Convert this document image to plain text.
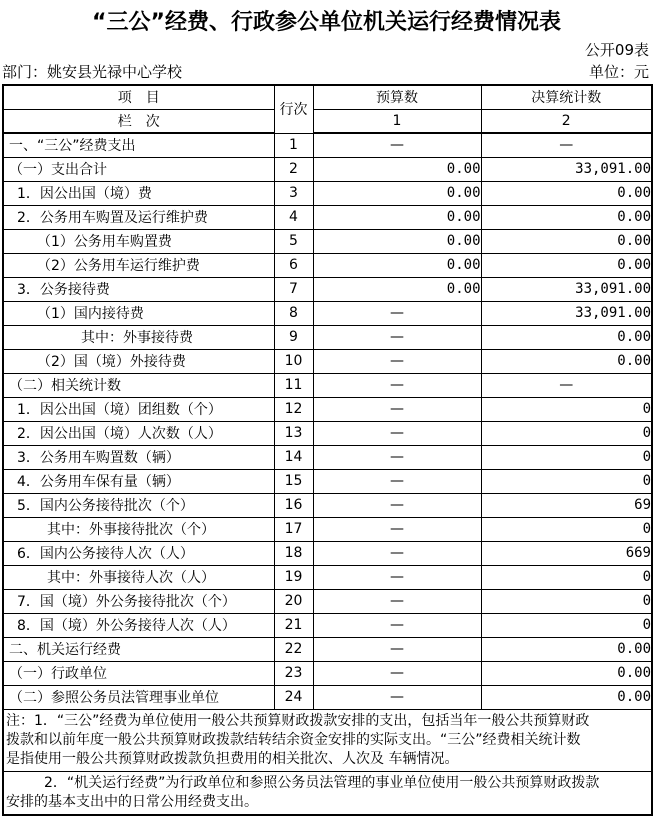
“三公”经费、行政参公单位机关运行经费情况表
公开09表
部门：姚安县光禄中心学校	单位：元
项　目	行次	预算数	决算统计数
栏　次		1	2
一、“三公”经费支出	1	—	—
（一）支出合计	2	0.00	33,091.00
1．因公出国（境）费	3	0.00	0.00
2．公务用车购置及运行维护费	4	0.00	0.00
（1）公务用车购置费	5	0.00	0.00
（2）公务用车运行维护费	6	0.00	0.00
3．公务接待费	7	0.00	33,091.00
（1）国内接待费	8	—	33,091.00
其中：外事接待费	9	—	0.00
（2）国（境）外接待费	10	—	0.00
（二）相关统计数	11	—	—
1．因公出国（境）团组数（个）	12	—	0
2．因公出国（境）人次数（人）	13	—	0
3．公务用车购置数（辆）	14	—	0
4．公务用车保有量（辆）	15	—	0
5．国内公务接待批次（个）	16	—	69
其中：外事接待批次（个）	17	—	0
6．国内公务接待人次（人）	18	—	669
其中：外事接待人次（人）	19	—	0
7．国（境）外公务接待批次（个）	20	—	0
8．国（境）外公务接待人次（人）	21	—	0
二、机关运行经费	22	—	0.00
（一）行政单位	23	—	0.00
（二）参照公务员法管理事业单位	24	—	0.00

注：1．“三公”经费为单位使用一般公共预算财政拨款安排的支出，包括当年一般公共预算财政
拨款和以前年度一般公共预算财政拨款结转结余资金安排的实际支出。“三公”经费相关统计数
是指使用一般公共预算财政拨款负担费用的相关批次、人次及 车辆情况。			

2．“机关运行经费”为行政单位和参照公务员法管理的事业单位使用一般公共预算财政拨款
安排的基本支出中的日常公用经费支出。			
